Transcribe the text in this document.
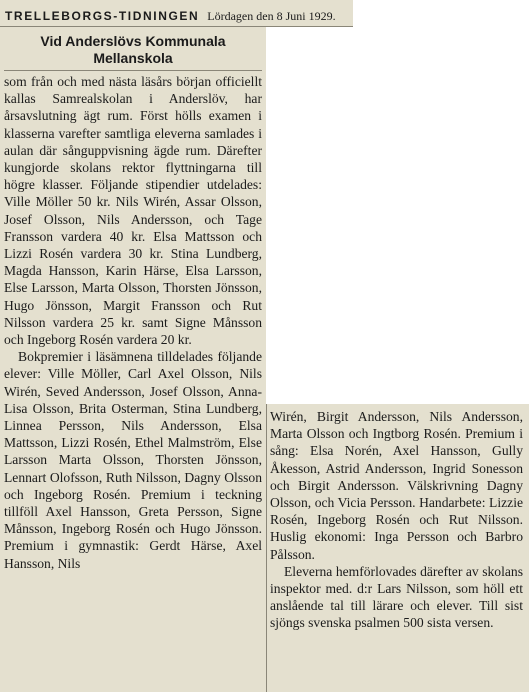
TRELLEBORGS-TIDNINGEN Lördagen den 8 Juni 1929.
Vid Anderslövs Kommunala
Mellanskola

som från och med nästa läsårs början officiellt kallas Samrealskolan i Anderslöv, har årsavslutning ägt rum. Först hölls examen i klasserna varefter samtliga eleverna samlades i aulan där sånguppvisning ägde rum. Därefter kungjorde skolans rektor flyttningarna till högre klasser. Följande stipendier utdelades: Ville Möller 50 kr. Nils Wirén, Assar Olsson, Josef Olsson, Nils Andersson, och Tage Fransson vardera 40 kr. Elsa Mattsson och Lizzi Rosén vardera 30 kr. Stina Lundberg, Magda Hansson, Karin Härse, Elsa Larsson, Else Larsson, Marta Olsson, Thorsten Jönsson, Hugo Jönsson, Margit Fransson och Rut Nilsson vardera 25 kr. samt Signe Månsson och Ingeborg Rosén vardera 20 kr.

Bokpremier i läsämnena tilldelades följande elever: Ville Möller, Carl Axel Olsson, Nils Wirén, Seved Andersson, Josef Olsson, Anna-Lisa Olsson, Brita Osterman, Stina Lundberg, Linnea Persson, Nils Andersson, Elsa Mattsson, Lizzi Rosén, Ethel Malmström, Else Larsson Marta Olsson, Thorsten Jönsson, Lennart Olofsson, Ruth Nilsson, Dagny Olsson och Ingeborg Rosén. Premium i teckning tillföll Axel Hansson, Greta Persson, Signe Månsson, Ingeborg Rosén och Hugo Jönsson. Premium i gymnastik: Gerdt Härse, Axel Hansson, Nils

Wirén, Birgit Andersson, Nils Andersson, Marta Olsson och Ingtborg Rosén. Premium i sång: Elsa Norén, Axel Hansson, Gully Åkesson, Astrid Andersson, Ingrid Sonesson och Birgit Andersson. Välskrivning Dagny Olsson, och Vicia Persson. Handarbete: Lizzie Rosén, Ingeborg Rosén och Rut Nilsson. Huslig ekonomi: Inga Persson och Barbro Pålsson.

Eleverna hemförlovades därefter av skolans inspektor med. d:r Lars Nilsson, som höll ett anslående tal till lärare och elever. Till sist sjöngs svenska psalmen 500 sista versen.
